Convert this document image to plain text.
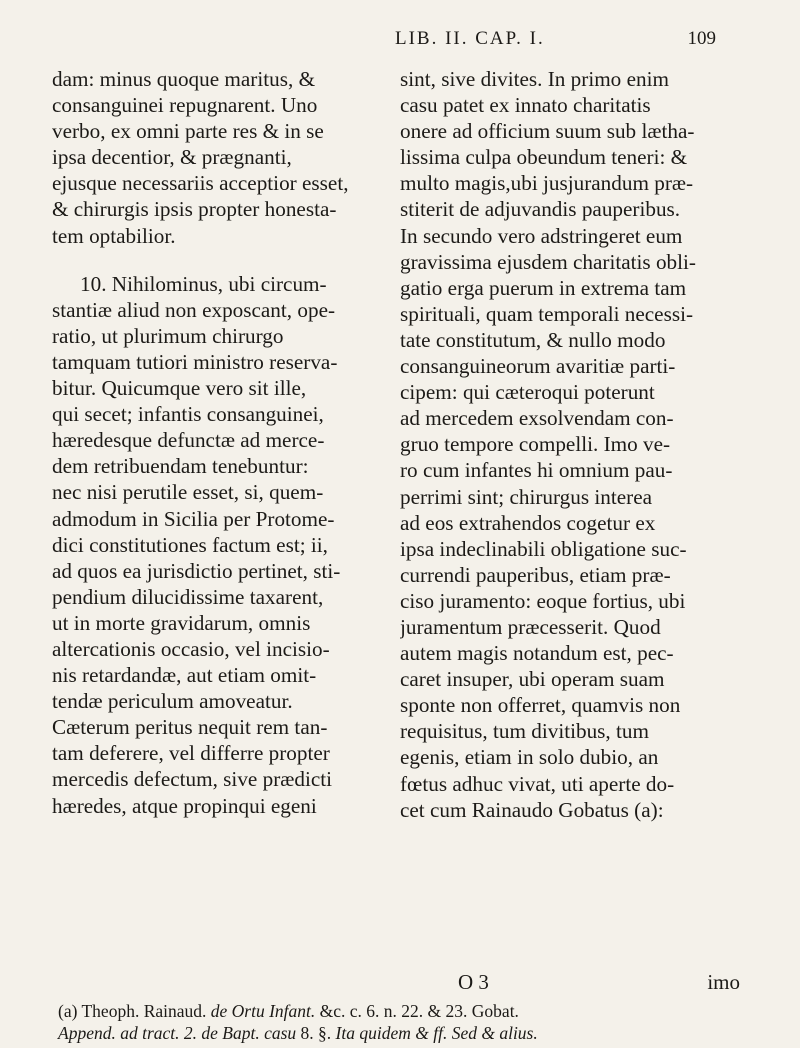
LIB. II. CAP. I.	109
dam: minus quoque maritus, &
consanguinei repugnarent. Uno
verbo, ex omni parte res & in se
ipsa decentior, & prægnanti,
ejusque necessariis acceptior esset,
& chirurgis ipsis propter honesta-
tem optabilior.
10. Nihilominus, ubi circum-
stantiæ aliud non exposcant, ope-
ratio, ut plurimum chirurgo
tamquam tutiori ministro reserva-
bitur. Quicumque vero sit ille,
qui secet; infantis consanguinei,
hæredesque defunctæ ad merce-
dem retribuendam tenebuntur:
nec nisi perutile esset, si, quem-
admodum in Sicilia per Protome-
dici constitutiones factum est; ii,
ad quos ea jurisdictio pertinet, sti-
pendium dilucidissime taxarent,
ut in morte gravidarum, omnis
altercationis occasio, vel incisio-
nis retardandæ, aut etiam omit-
tendæ periculum amoveatur.
Cæterum peritus nequit rem tan-
tam deferere, vel differre propter
mercedis defectum, sive prædicti
hæredes, atque propinqui egeni
sint, sive divites. In primo enim
casu patet ex innato charitatis
onere ad officium suum sub lætha-
lissima culpa obeundum teneri: &
multo magis,ubi jusjurandum præ-
stiterit de adjuvandis pauperibus.
In secundo vero adstringeret eum
gravissima ejusdem charitatis obli-
gatio erga puerum in extrema tam
spirituali, quam temporali necessi-
tate constitutum, & nullo modo
consanguineorum avaritiæ parti-
cipem: qui cæteroqui poterunt
ad mercedem exsolvendam con-
gruo tempore compelli. Imo ve-
ro cum infantes hi omnium pau-
perrimi sint; chirurgus interea
ad eos extrahendos cogetur ex
ipsa indeclinabili obligatione suc-
currendi pauperibus, etiam præ-
ciso juramento: eoque fortius, ubi
juramentum præcesserit. Quod
autem magis notandum est, pec-
caret insuper, ubi operam suam
sponte non offerret, quamvis non
requisitus, tum divitibus, tum
egenis, etiam in solo dubio, an
fœtus adhuc vivat, uti aperte do-
cet cum Rainaudo Gobatus (a):
O 3	imo
(a) Theoph. Rainaud. de Ortu Infant. &c. c. 6. n. 22. & 23. Gobat.
Append. ad tract. 2. de Bapt. casu 8. §. Ita quidem & ff. Sed & alius.
